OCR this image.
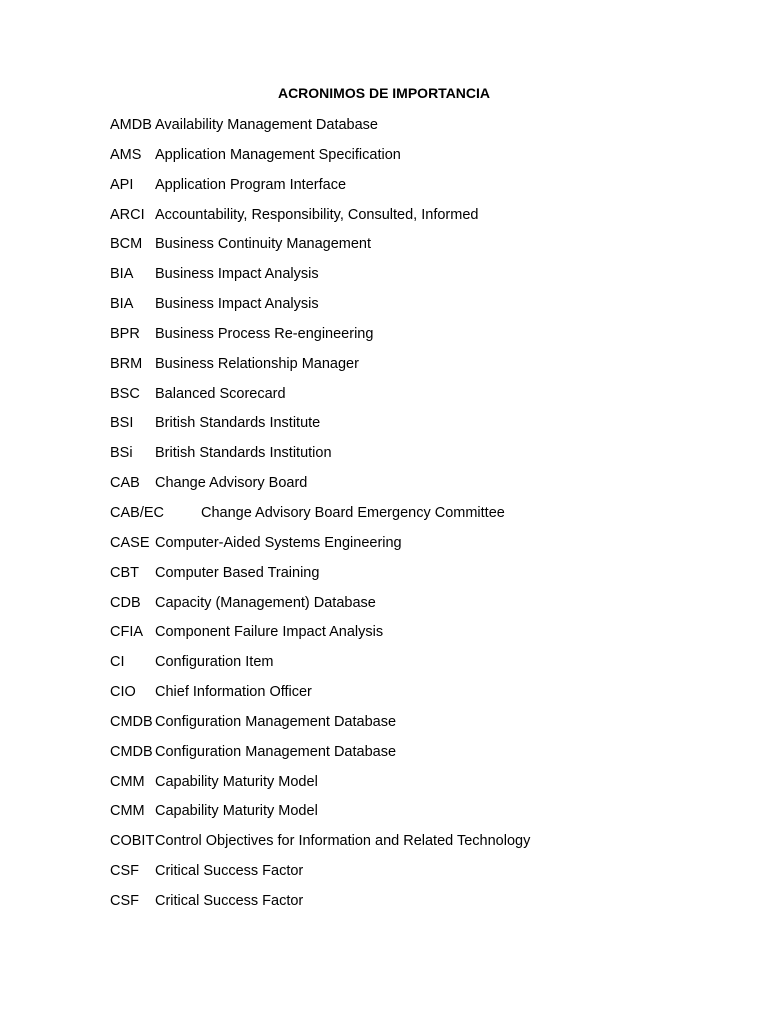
ACRONIMOS DE IMPORTANCIA
AMDB Availability Management Database
AMS Application Management Specification
API Application Program Interface
ARCI Accountability, Responsibility, Consulted, Informed
BCM Business Continuity Management
BIA Business Impact Analysis
BIA Business Impact Analysis
BPR Business Process Re-engineering
BRM Business Relationship Manager
BSC Balanced Scorecard
BSI British Standards Institute
BSi British Standards Institution
CAB Change Advisory Board
CAB/EC	Change Advisory Board Emergency Committee
CASE Computer-Aided Systems Engineering
CBT Computer Based Training
CDB Capacity (Management) Database
CFIA Component Failure Impact Analysis
CI Configuration Item
CIO Chief Information Officer
CMDB Configuration Management Database
CMDB Configuration Management Database
CMM Capability Maturity Model
CMM Capability Maturity Model
COBIT Control Objectives for Information and Related Technology
CSF Critical Success Factor
CSF Critical Success Factor
